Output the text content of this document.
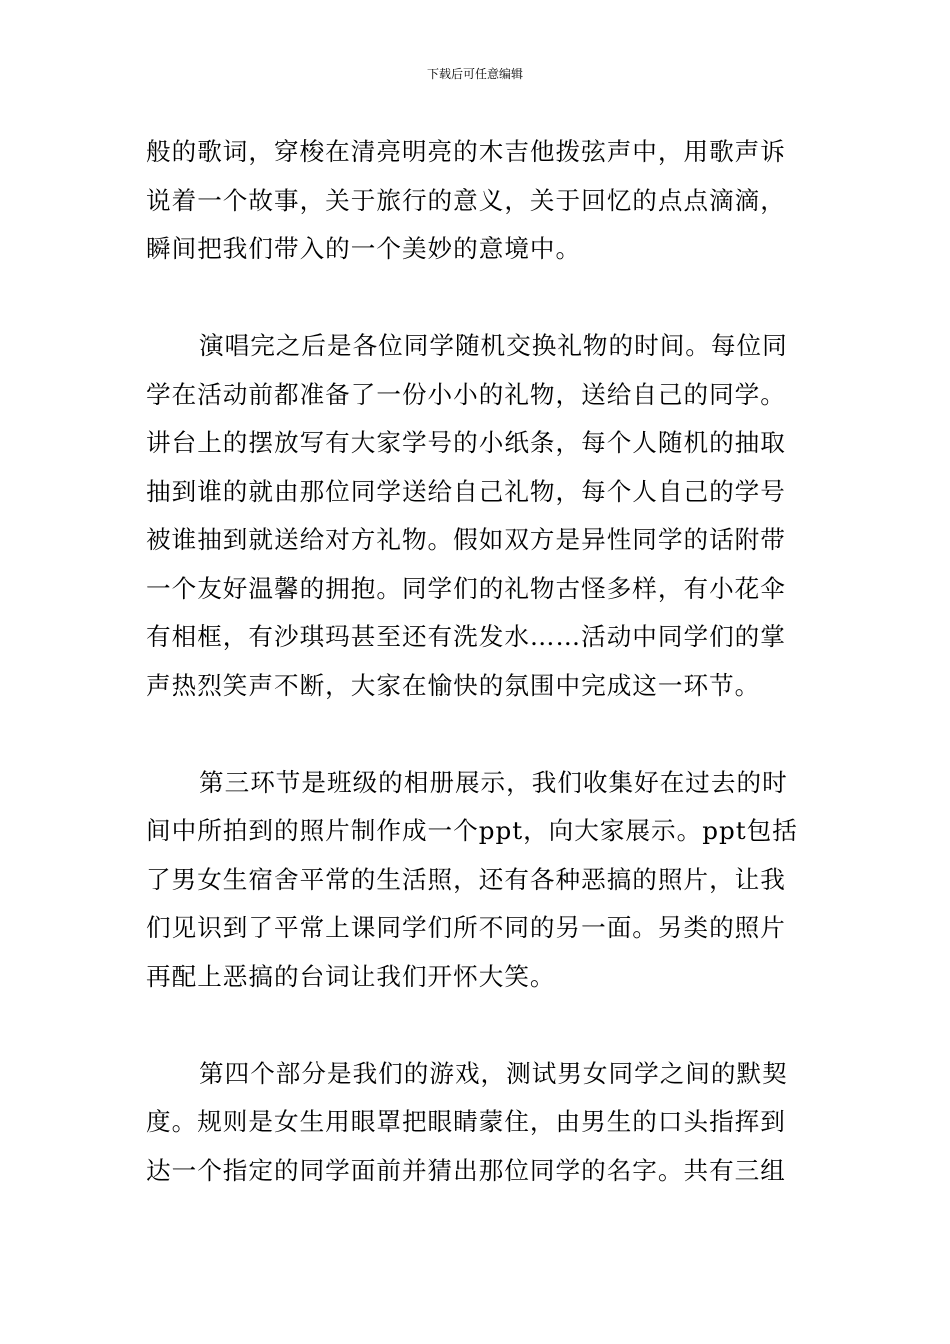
下载后可任意编辑

般的歌词，穿梭在清亮明亮的木吉他拨弦声中，用歌声诉
说着一个故事，关于旅行的意义，关于回忆的点点滴滴，
瞬间把我们带入的一个美妙的意境中。

演唱完之后是各位同学随机交换礼物的时间。每位同
学在活动前都准备了一份小小的礼物，送给自己的同学。
讲台上的摆放写有大家学号的小纸条，每个人随机的抽取
抽到谁的就由那位同学送给自己礼物，每个人自己的学号
被谁抽到就送给对方礼物。假如双方是异性同学的话附带
一个友好温馨的拥抱。同学们的礼物古怪多样，有小花伞
有相框，有沙琪玛甚至还有洗发水……活动中同学们的掌
声热烈笑声不断，大家在愉快的氛围中完成这一环节。

第三环节是班级的相册展示，我们收集好在过去的时
间中所拍到的照片制作成一个ppt，向大家展示。ppt包括
了男女生宿舍平常的生活照，还有各种恶搞的照片，让我
们见识到了平常上课同学们所不同的另一面。另类的照片
再配上恶搞的台词让我们开怀大笑。

第四个部分是我们的游戏，测试男女同学之间的默契
度。规则是女生用眼罩把眼睛蒙住，由男生的口头指挥到
达一个指定的同学面前并猜出那位同学的名字。共有三组
